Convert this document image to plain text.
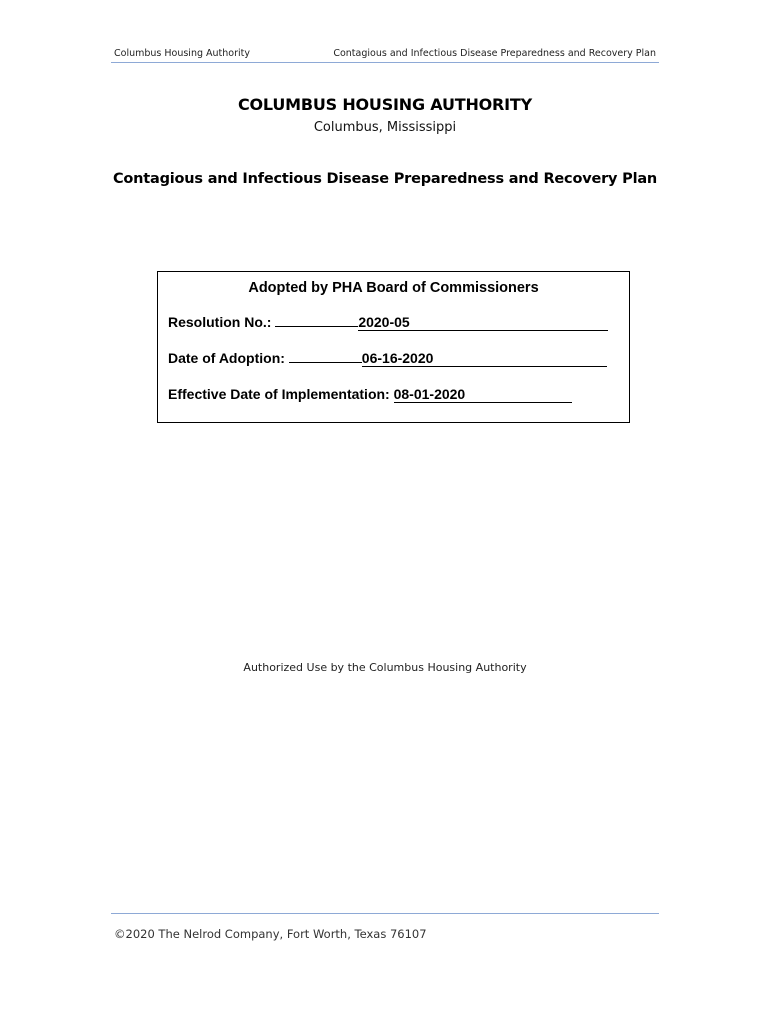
Columbus Housing Authority	Contagious and Infectious Disease Preparedness and Recovery Plan
COLUMBUS HOUSING AUTHORITY
Columbus, Mississippi
Contagious and Infectious Disease Preparedness and Recovery Plan
Adopted by PHA Board of Commissioners
Resolution No.:	2020-05
Date of Adoption:	06-16-2020
Effective Date of Implementation: 08-01-2020
Authorized Use by the Columbus Housing Authority
©2020 The Nelrod Company, Fort Worth, Texas 76107
